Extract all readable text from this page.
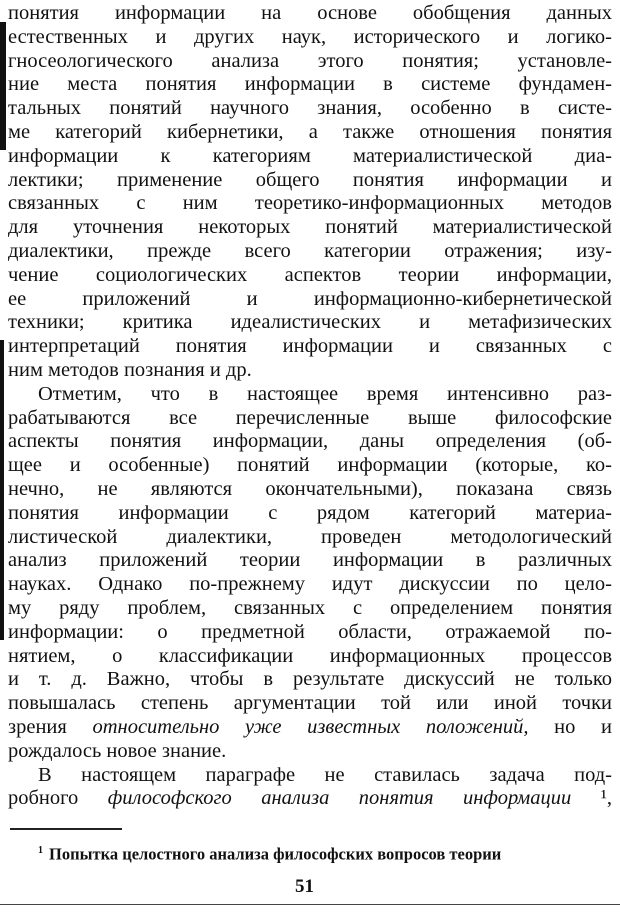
понятия информации на основе обобщения данных
естественных и других наук, исторического и логико-
гносеологического анализа этого понятия; установле-
ние места понятия информации в системе фундамен-
тальных понятий научного знания, особенно в систе-
ме категорий кибернетики, а также отношения понятия
информации к категориям материалистической диа-
лектики; применение общего понятия информации и
связанных с ним теоретико-информационных методов
для уточнения некоторых понятий материалистической
диалектики, прежде всего категории отражения; изу-
чение социологических аспектов теории информации,
ее приложений и информационно-кибернетической
техники; критика идеалистических и метафизических
интерпретаций понятия информации и связанных с
ним методов познания и др.
Отметим, что в настоящее время интенсивно раз-
рабатываются все перечисленные выше философские
аспекты понятия информации, даны определения (об-
щее и особенные) понятий информации (которые, ко-
нечно, не являются окончательными), показана связь
понятия информации с рядом категорий материа-
листической диалектики, проведен методологический
анализ приложений теории информации в различных
науках. Однако по-прежнему идут дискуссии по цело-
му ряду проблем, связанных с определением понятия
информации: о предметной области, отражаемой по-
нятием, о классификации информационных процессов
и т. д. Важно, чтобы в результате дискуссий не только
повышалась степень аргументации той или иной точки
зрения относительно уже известных положений, но и
рождалось новое знание.
В настоящем параграфе не ставилась задача под-
робного философского анализа понятия информации ¹,
$^1$ Попытка целостного анализа философских вопросов теории
51
